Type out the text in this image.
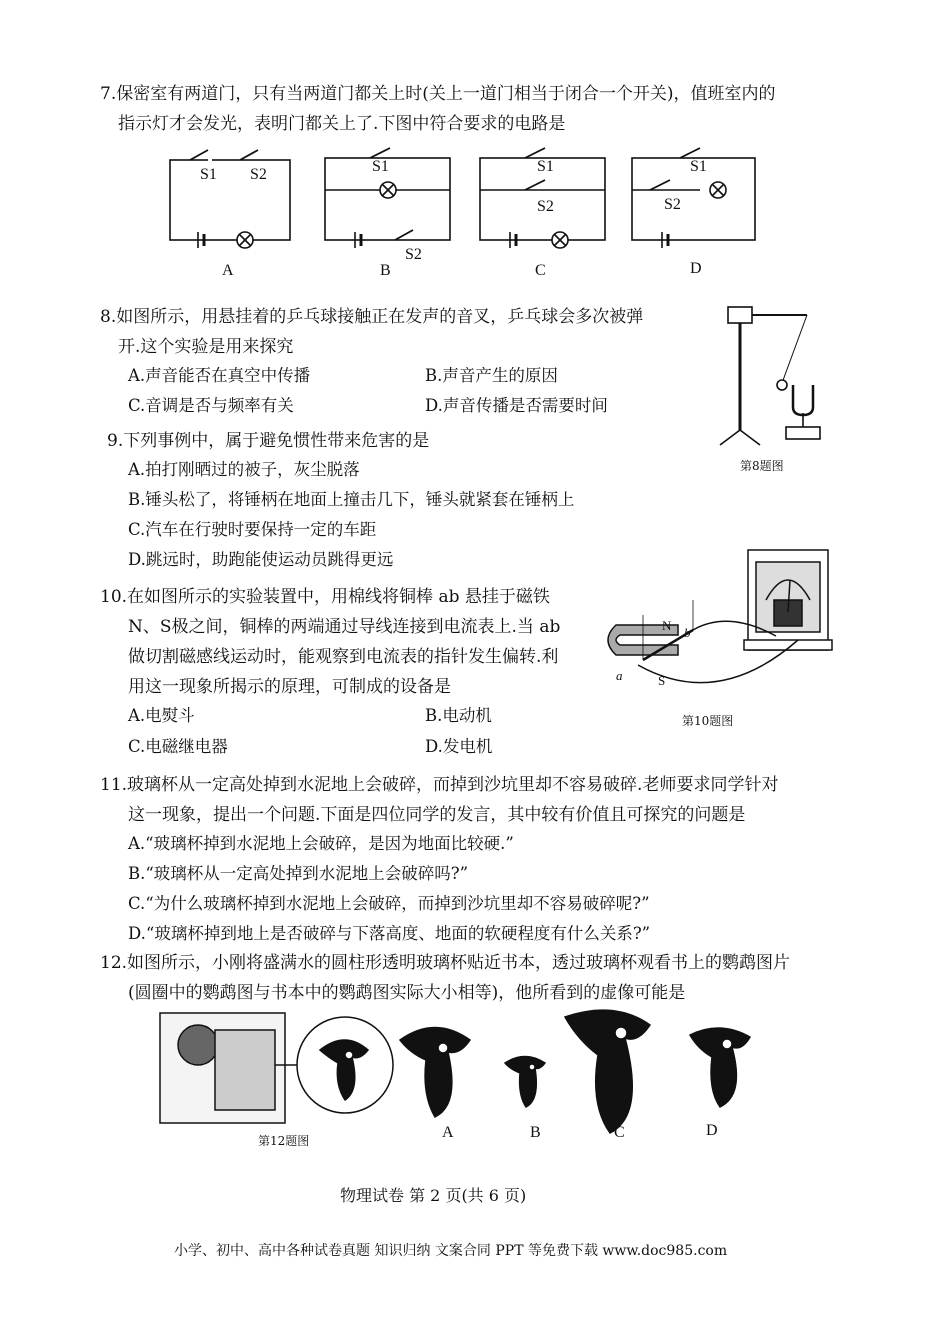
7.保密室有两道门，只有当两道门都关上时(关上一道门相当于闭合一个开关)，值班室内的
指示灯才会发光，表明门都关上了.下图中符合要求的电路是
S1 S2	S1
S2
S1
S2
S1
S2
A	B	C	D
8.如图所示，用悬挂着的乒乓球接触正在发声的音叉，乒乓球会多次被弹
开.这个实验是用来探究
A.声音能否在真空中传播	B.声音产生的原因
C.音调是否与频率有关	D.声音传播是否需要时间
第8题图
9.下列事例中，属于避免惯性带来危害的是
A.拍打刚晒过的被子，灰尘脱落
B.锤头松了，将锤柄在地面上撞击几下，锤头就紧套在锤柄上
C.汽车在行驶时要保持一定的车距
D.跳远时，助跑能使运动员跳得更远
10.在如图所示的实验装置中，用棉线将铜棒 ab 悬挂于磁铁
N、S极之间，铜棒的两端通过导线连接到电流表上.当 ab
做切割磁感线运动时，能观察到电流表的指针发生偏转.利
用这一现象所揭示的原理，可制成的设备是
A.电熨斗	B.电动机
C.电磁继电器	D.发电机
N
S
a
b
第10题图
11.玻璃杯从一定高处掉到水泥地上会破碎，而掉到沙坑里却不容易破碎.老师要求同学针对
这一现象，提出一个问题.下面是四位同学的发言，其中较有价值且可探究的问题是
A.“玻璃杯掉到水泥地上会破碎，是因为地面比较硬.”
B.“玻璃杯从一定高处掉到水泥地上会破碎吗?”
C.“为什么玻璃杯掉到水泥地上会破碎，而掉到沙坑里却不容易破碎呢?”
D.“玻璃杯掉到地上是否破碎与下落高度、地面的软硬程度有什么关系?”
12.如图所示，小刚将盛满水的圆柱形透明玻璃杯贴近书本，透过玻璃杯观看书上的鹦鹉图片
(圆圈中的鹦鹉图与书本中的鹦鹉图实际大小相等)，他所看到的虚像可能是
第12题图	A	B	C	D
物理试卷 第 2 页(共 6 页)
小学、初中、高中各种试卷真题 知识归纳 文案合同 PPT 等免费下载 www.doc985.com
